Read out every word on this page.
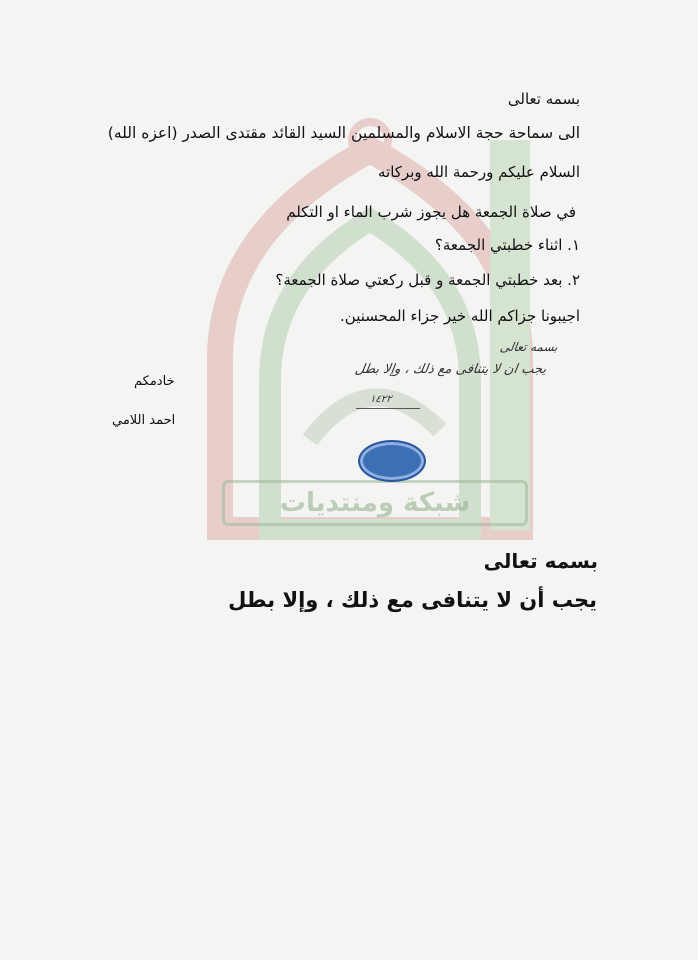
شبكة ومنتديات
بسمه تعالى
الى سماحة حجة الاسلام والمسلمين السيد القائد مقتدى الصدر (اعزه الله)
السلام عليكم ورحمة الله وبركاته
في صلاة الجمعة هل يجوز شرب الماء او التكلم
١. اثناء خطبتي الجمعة؟
٢. بعد خطبتي الجمعة و قبل ركعتي صلاة الجمعة؟
اجيبونا جزاكم الله خير جزاء المحسنين.
بسمه تعالى
يجب ان لا يتنافى مع ذلك ، وإلا بطل
١٤٢٢
خادمكم
احمد اللامي
بسمه تعالى
يجب أن لا يتنافى مع ذلك ، وإلا بطل
